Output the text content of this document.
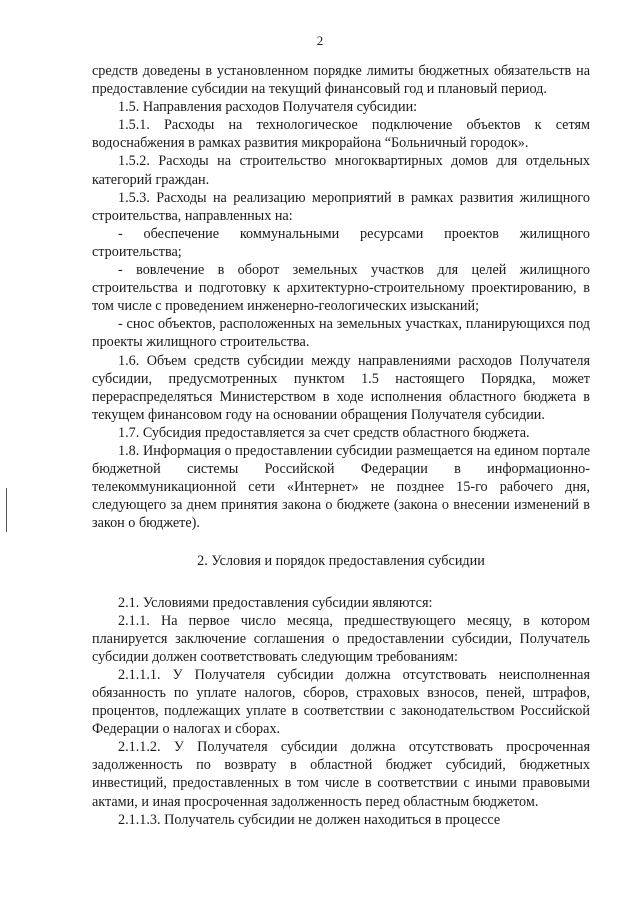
2

средств доведены в установленном порядке лимиты бюджетных обязательств на предоставление субсидии на текущий финансовый год и плановый период.

1.5. Направления расходов Получателя субсидии:

1.5.1. Расходы на технологическое подключение объектов к сетям водоснабжения в рамках развития микрорайона “Больничный городок».

1.5.2. Расходы на строительство многоквартирных домов для отдельных категорий граждан.

1.5.3. Расходы на реализацию мероприятий в рамках развития жилищного строительства, направленных на:

- обеспечение коммунальными ресурсами проектов жилищного строительства;

- вовлечение в оборот земельных участков для целей жилищного строительства и подготовку к архитектурно-строительному проектированию, в том числе с проведением инженерно-геологических изысканий;

- снос объектов, расположенных на земельных участках, планирующихся под проекты жилищного строительства.

1.6. Объем средств субсидии между направлениями расходов Получателя субсидии, предусмотренных пунктом 1.5 настоящего Порядка, может перераспределяться Министерством в ходе исполнения областного бюджета в текущем финансовом году на основании обращения Получателя субсидии.

1.7. Субсидия предоставляется за счет средств областного бюджета.

1.8. Информация о предоставлении субсидии размещается на едином портале бюджетной системы Российской Федерации в информационно-телекоммуникационной сети «Интернет» не позднее 15-го рабочего дня, следующего за днем принятия закона о бюджете (закона о внесении изменений в закон о бюджете).

2. Условия и порядок предоставления субсидии

2.1. Условиями предоставления субсидии являются:

2.1.1. На первое число месяца, предшествующего месяцу, в котором планируется заключение соглашения о предоставлении субсидии, Получатель субсидии должен соответствовать следующим требованиям:

2.1.1.1. У Получателя субсидии должна отсутствовать неисполненная обязанность по уплате налогов, сборов, страховых взносов, пеней, штрафов, процентов, подлежащих уплате в соответствии с законодательством Российской Федерации о налогах и сборах.

2.1.1.2. У Получателя субсидии должна отсутствовать просроченная задолженность по возврату в областной бюджет субсидий, бюджетных инвестиций, предоставленных в том числе в соответствии с иными правовыми актами, и иная просроченная задолженность перед областным бюджетом.

2.1.1.3. Получатель субсидии не должен находиться в процессе
